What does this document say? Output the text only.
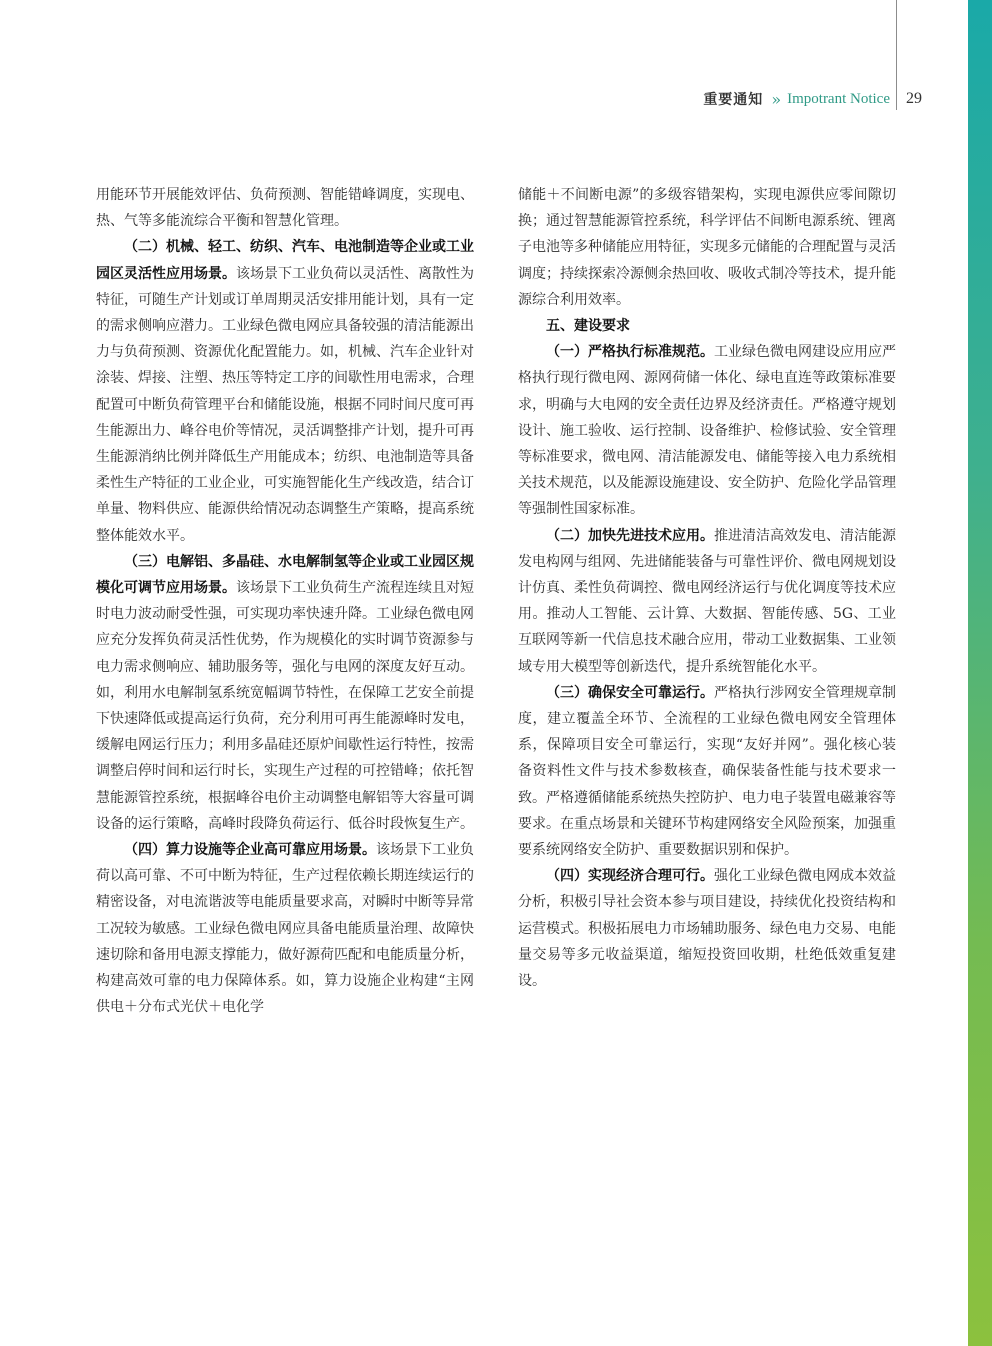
重要通知 » Impotrant Notice 29

用能环节开展能效评估、负荷预测、智能错峰调度，实现电、热、气等多能流综合平衡和智慧化管理。

（二）机械、轻工、纺织、汽车、电池制造等企业或工业园区灵活性应用场景。该场景下工业负荷以灵活性、离散性为特征，可随生产计划或订单周期灵活安排用能计划，具有一定的需求侧响应潜力。工业绿色微电网应具备较强的清洁能源出力与负荷预测、资源优化配置能力。如，机械、汽车企业针对涂装、焊接、注塑、热压等特定工序的间歇性用电需求，合理配置可中断负荷管理平台和储能设施，根据不同时间尺度可再生能源出力、峰谷电价等情况，灵活调整排产计划，提升可再生能源消纳比例并降低生产用能成本；纺织、电池制造等具备柔性生产特征的工业企业，可实施智能化生产线改造，结合订单量、物料供应、能源供给情况动态调整生产策略，提高系统整体能效水平。

（三）电解铝、多晶硅、水电解制氢等企业或工业园区规模化可调节应用场景。该场景下工业负荷生产流程连续且对短时电力波动耐受性强，可实现功率快速升降。工业绿色微电网应充分发挥负荷灵活性优势，作为规模化的实时调节资源参与电力需求侧响应、辅助服务等，强化与电网的深度友好互动。如，利用水电解制氢系统宽幅调节特性，在保障工艺安全前提下快速降低或提高运行负荷，充分利用可再生能源峰时发电，缓解电网运行压力；利用多晶硅还原炉间歇性运行特性，按需调整启停时间和运行时长，实现生产过程的可控错峰；依托智慧能源管控系统，根据峰谷电价主动调整电解铝等大容量可调设备的运行策略，高峰时段降负荷运行、低谷时段恢复生产。

（四）算力设施等企业高可靠应用场景。该场景下工业负荷以高可靠、不可中断为特征，生产过程依赖长期连续运行的精密设备，对电流谐波等电能质量要求高，对瞬时中断等异常工况较为敏感。工业绿色微电网应具备电能质量治理、故障快速切除和备用电源支撑能力，做好源荷匹配和电能质量分析，构建高效可靠的电力保障体系。如，算力设施企业构建“主网供电＋分布式光伏＋电化学

储能＋不间断电源”的多级容错架构，实现电源供应零间隙切换；通过智慧能源管控系统，科学评估不间断电源系统、锂离子电池等多种储能应用特征，实现多元储能的合理配置与灵活调度；持续探索冷源侧余热回收、吸收式制冷等技术，提升能源综合利用效率。

五、建设要求

（一）严格执行标准规范。工业绿色微电网建设应用应严格执行现行微电网、源网荷储一体化、绿电直连等政策标准要求，明确与大电网的安全责任边界及经济责任。严格遵守规划设计、施工验收、运行控制、设备维护、检修试验、安全管理等标准要求，微电网、清洁能源发电、储能等接入电力系统相关技术规范，以及能源设施建设、安全防护、危险化学品管理等强制性国家标准。

（二）加快先进技术应用。推进清洁高效发电、清洁能源发电构网与组网、先进储能装备与可靠性评价、微电网规划设计仿真、柔性负荷调控、微电网经济运行与优化调度等技术应用。推动人工智能、云计算、大数据、智能传感、5G、工业互联网等新一代信息技术融合应用，带动工业数据集、工业领域专用大模型等创新迭代，提升系统智能化水平。

（三）确保安全可靠运行。严格执行涉网安全管理规章制度，建立覆盖全环节、全流程的工业绿色微电网安全管理体系，保障项目安全可靠运行，实现“友好并网”。强化核心装备资料性文件与技术参数核查，确保装备性能与技术要求一致。严格遵循储能系统热失控防护、电力电子装置电磁兼容等要求。在重点场景和关键环节构建网络安全风险预案，加强重要系统网络安全防护、重要数据识别和保护。

（四）实现经济合理可行。强化工业绿色微电网成本效益分析，积极引导社会资本参与项目建设，持续优化投资结构和运营模式。积极拓展电力市场辅助服务、绿色电力交易、电能量交易等多元收益渠道，缩短投资回收期，杜绝低效重复建设。
